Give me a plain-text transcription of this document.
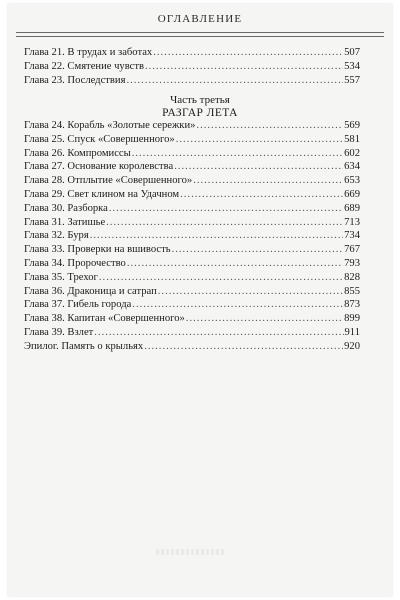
ОГЛАВЛЕНИЕ
Глава 21. В трудах и заботах .....	507
Глава 22. Смятение чувств .....	534
Глава 23. Последствия .....	557
Часть третья
РАЗГАР ЛЕТА
Глава 24. Корабль «Золотые сережки» .....	569
Глава 25. Спуск «Совершенного» .....	581
Глава 26. Компромиссы .....	602
Глава 27. Основание королевства .....	634
Глава 28. Отплытие «Совершенного» .....	653
Глава 29. Свет клином на Удачном .....	669
Глава 30. Разборка .....	689
Глава 31. Затишье .....	713
Глава 32. Буря .....	734
Глава 33. Проверки на вшивость .....	767
Глава 34. Пророчество .....	793
Глава 35. Трехог .....	828
Глава 36. Драконица и сатрап .....	855
Глава 37. Гибель города .....	873
Глава 38. Капитан «Совершенного» .....	899
Глава 39. Взлет .....	911
Эпилог. Память о крыльях .....	920
